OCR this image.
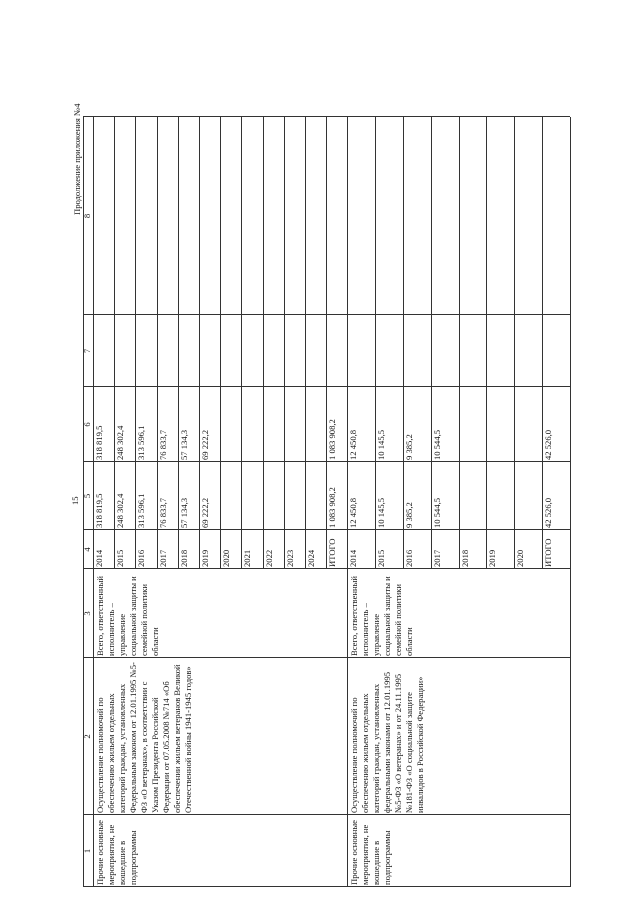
15
Продолжение приложения №4
1
2
3
4
5
6
7
8
Прочие основные мероприятия, не вошедшие в подпрограммы
Осуществление полномочий по обеспечению жильем отдельных категорий граждан, установленных Федеральным законом от 12.01.1995 №5-ФЗ «О ветеранах», в соответствии с Указом Президента Российской Федерации от 07.05.2008 №714 «Об обеспечении жильем ветеранов Великой Отечественной войны 1941-1945 годов»
Всего, ответственный исполнитель – управление социальной защиты и семейной политики области
2014
318 819,5
318 819,5
2015
248 302,4
248 302,4
2016
313 596,1
313 596,1
2017
76 833,7
76 833,7
2018
57 134,3
57 134,3
2019
69 222,2
69 222,2
2020 2021 2022 2023 2024 ИТОГО
1 083 908,2
1 083 908,2
Прочие основные мероприятия, не вошедшие в подпрограммы
Осуществление полномочий по обеспечению жильем отдельных категорий граждан, установленных федеральными законами от 12.01.1995 №5-ФЗ «О ветеранах» и от 24.11.1995 №181-ФЗ «О социальной защите инвалидов в Российской Федерации»
Всего, ответственный исполнитель – управление социальной защиты и семейной политики области
2014
12 450,8
12 450,8
2015
10 145,5
10 145,5
2016
9 385,2
9 385,2
2017
10 544,5
10 544,5
2018 2019 2020 ИТОГО
42 526,0
42 526,0
